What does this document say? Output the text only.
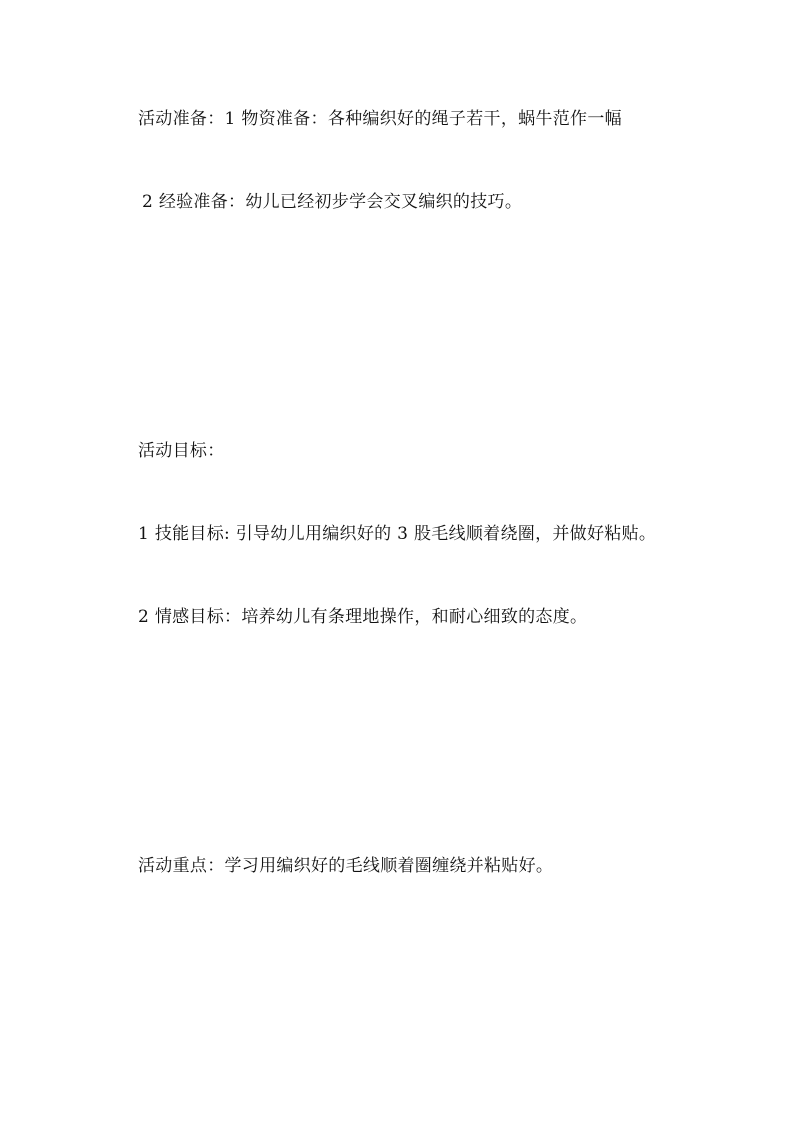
活动准备：1 物资准备：各种编织好的绳子若干，蜗牛范作一幅
2 经验准备：幼儿已经初步学会交叉编织的技巧。
活动目标：
1 技能目标: 引导幼儿用编织好的 3 股毛线顺着绕圈，并做好粘贴。
2 情感目标：培养幼儿有条理地操作，和耐心细致的态度。
活动重点：学习用编织好的毛线顺着圈缠绕并粘贴好。
